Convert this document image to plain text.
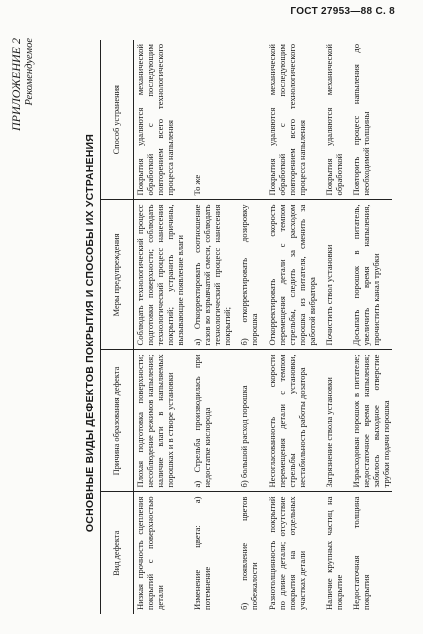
ГОСТ 27953—88 С. 8
ПРИЛОЖЕНИЕ 2 Рекомендуемое
ОСНОВНЫЕ ВИДЫ ДЕФЕКТОВ ПОКРЫТИЯ И СПОСОБЫ ИХ УСТРАНЕНИЯ
Вид дефекта	Причина образования дефекта	Меры предупреждения	Способ устранения
Низкая прочность сцепления покрытий с поверхностью детали	Плохая подготовка поверхности; несоблюдение режимов напыления; наличие влаги в напыляемых порошках и в створе установки	Соблюдать технологический процесс подготовки поверхности; соблюдать технологический процесс нанесения покрытий; устранить причины, вызывающие появление влаги	Покрытия удаляются механической обработкой с последующим повторением всего технологического процесса напыления
Изменение цвета: а) потемнение	а) Стрельба производилась при недостатке кислорода	а) Откорректировать соотношение газов во взрывчатой смеси, соблюдать технологический процесс нанесения покрытий;	То же
б) появление цветов побежалости	б) большой расход порошка	б) откорректировать дозировку порошка	
Разнотолщинность покрытий по длине детали; отсутствие покрытия на отдельных участках детали	Несогласованность скорости перемещения детали с темпом стрельбы установки, нестабильность работы дозатора	Откорректировать скорость перемещения детали с темпом стрельбы, следить за расходом порошка из питателя, сменить за работой вибратора	Покрытия удаляются механической обработкой с последующим повторением всего технологического процесса напыления
Наличие крупных частиц на покрытие	Загрязнение ствола установки	Почистить ствол установки	Покрытия удаляются механической обработкой
Недостаточная толщина покрытия	Израсходован порошок в питателе; недостаточное время напыления; забилось выходное отверстие трубки подачи порошка	Досыпать порошок в питатель, увеличить время напыления, прочистить канал трубки	Повторить процесс напыления до необходимой толщины
